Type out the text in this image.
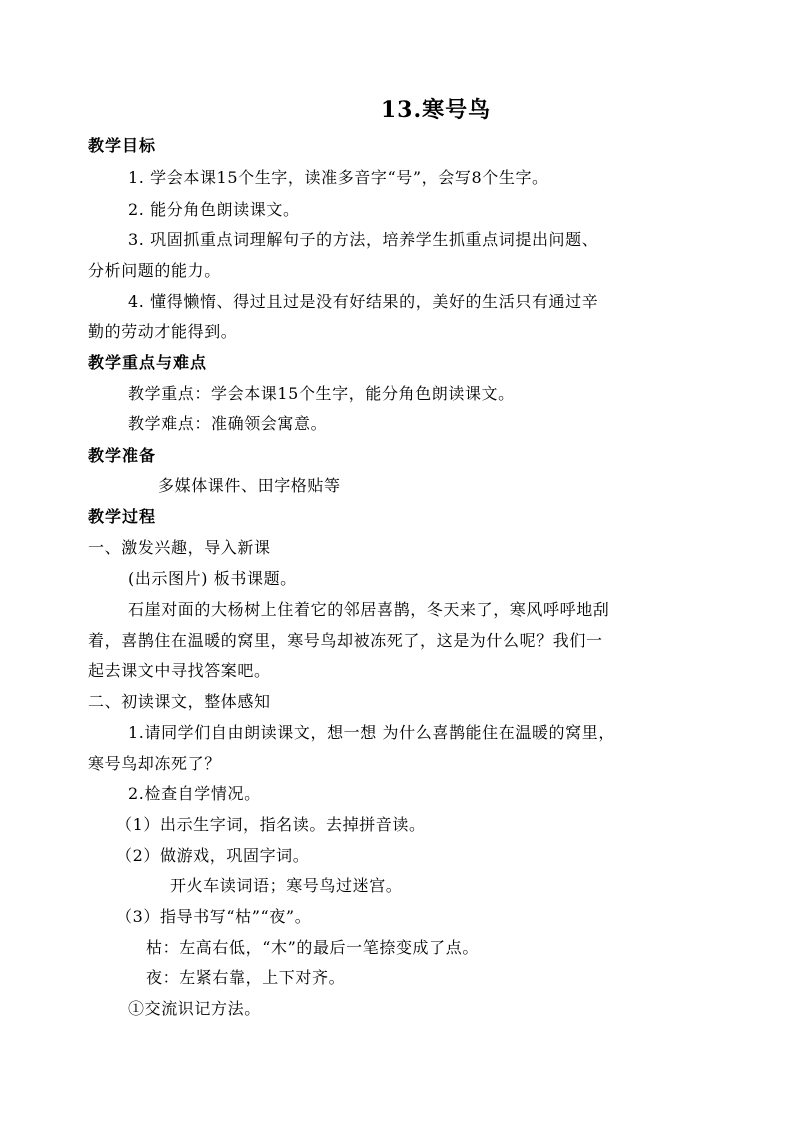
13.寒号鸟
教学目标
1. 学会本课15个生字，读准多音字“号”，会写8个生字。
2. 能分角色朗读课文。
3. 巩固抓重点词理解句子的方法，培养学生抓重点词提出问题、
分析问题的能力。
4. 懂得懒惰、得过且过是没有好结果的，美好的生活只有通过辛
勤的劳动才能得到。
教学重点与难点
教学重点：学会本课15个生字，能分角色朗读课文。
教学难点：准确领会寓意。
教学准备
多媒体课件、田字格贴等
教学过程
一、激发兴趣，导入新课
(出示图片) 板书课题。
石崖对面的大杨树上住着它的邻居喜鹊，冬天来了，寒风呼呼地刮
着，喜鹊住在温暖的窝里，寒号鸟却被冻死了，这是为什么呢？我们一
起去课文中寻找答案吧。
二、初读课文，整体感知
1.请同学们自由朗读课文，想一想 为什么喜鹊能住在温暖的窝里，
寒号鸟却冻死了？
2.检查自学情况。
（1）出示生字词，指名读。去掉拼音读。
（2）做游戏，巩固字词。
开火车读词语；寒号鸟过迷宫。
（3）指导书写“枯”“夜”。
枯：左高右低，“木”的最后一笔捺变成了点。
夜：左紧右靠，上下对齐。
①交流识记方法。
